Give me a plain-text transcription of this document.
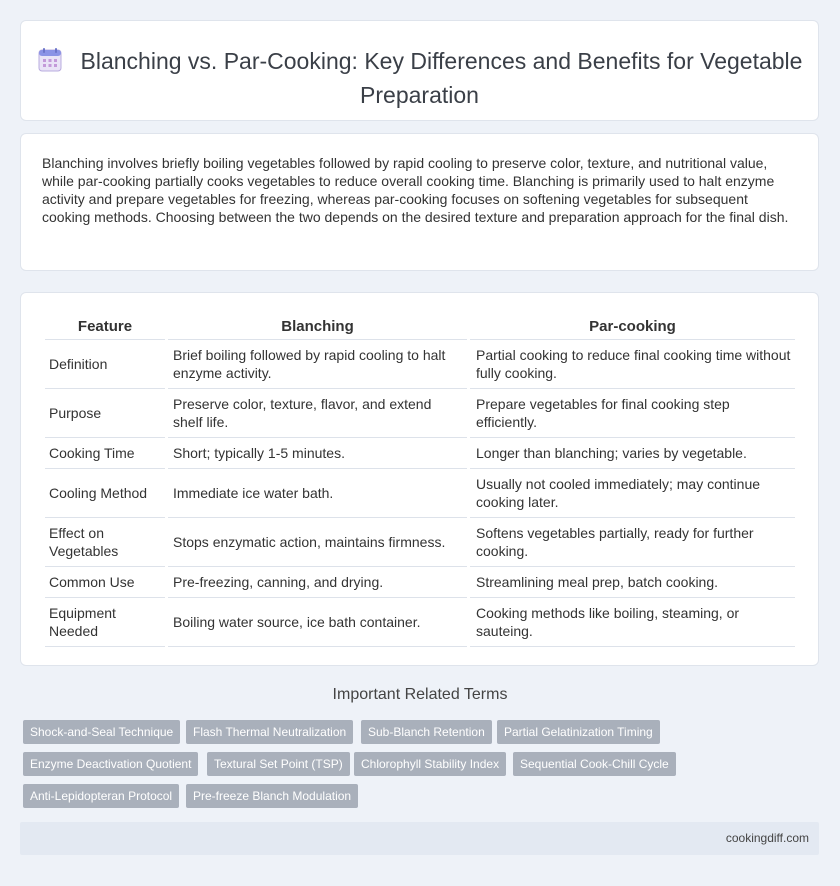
Blanching vs. Par-Cooking: Key Differences and Benefits for Vegetable Preparation

Blanching involves briefly boiling vegetables followed by rapid cooling to preserve color, texture, and nutritional value, while par-cooking partially cooks vegetables to reduce overall cooking time. Blanching is primarily used to halt enzyme activity and prepare vegetables for freezing, whereas par-cooking focuses on softening vegetables for subsequent cooking methods. Choosing between the two depends on the desired texture and preparation approach for the final dish.

Feature	Blanching	Par-cooking
Definition	Brief boiling followed by rapid cooling to halt enzyme activity.	Partial cooking to reduce final cooking time without fully cooking.
Purpose	Preserve color, texture, flavor, and extend shelf life.	Prepare vegetables for final cooking step efficiently.
Cooking Time	Short; typically 1-5 minutes.	Longer than blanching; varies by vegetable.
Cooling Method	Immediate ice water bath.	Usually not cooled immediately; may continue cooking later.
Effect on Vegetables	Stops enzymatic action, maintains firmness.	Softens vegetables partially, ready for further cooking.
Common Use	Pre-freezing, canning, and drying.	Streamlining meal prep, batch cooking.
Equipment Needed	Boiling water source, ice bath container.	Cooking methods like boiling, steaming, or sauteing.
Important Related Terms
Shock-and-Seal Technique	Flash Thermal Neutralization	Sub-Blanch Retention	Partial Gelatinization Timing
Enzyme Deactivation Quotient	Textural Set Point (TSP)	Chlorophyll Stability Index	Sequential Cook-Chill Cycle
Anti-Lepidopteran Protocol	Pre-freeze Blanch Modulation
cookingdiff.com
